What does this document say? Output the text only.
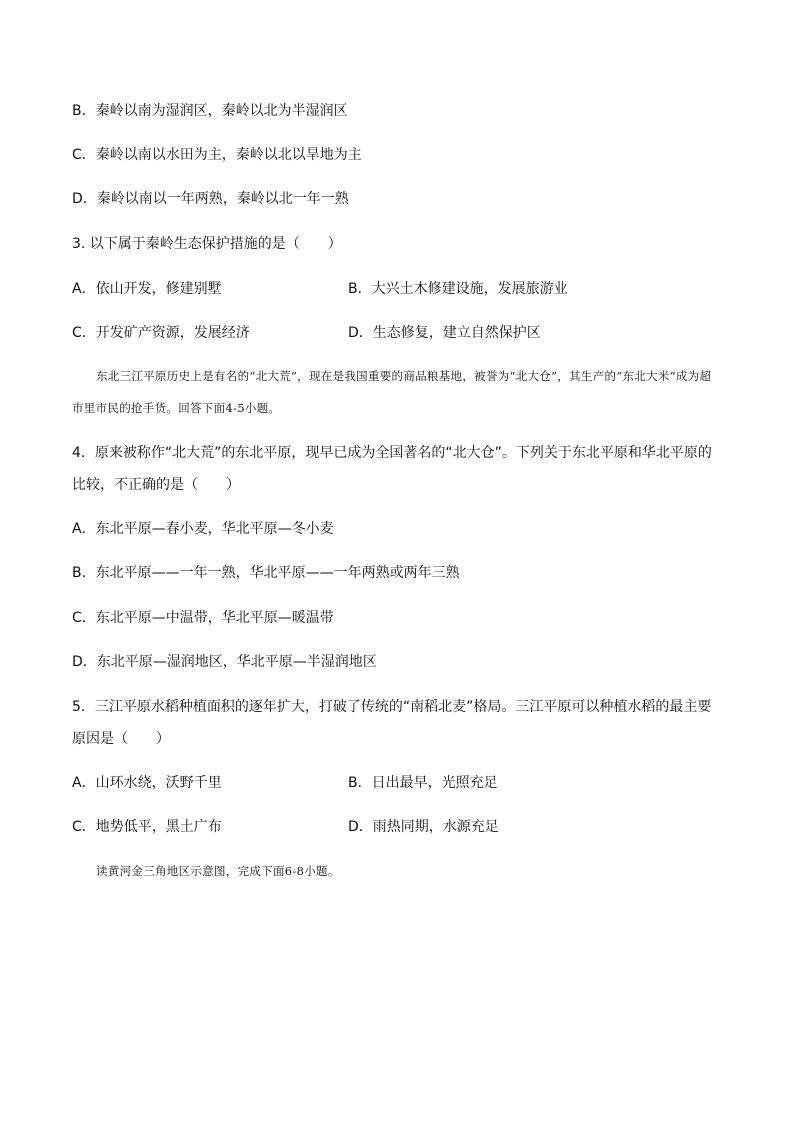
B．秦岭以南为湿润区，秦岭以北为半湿润区
C．秦岭以南以水田为主，秦岭以北以旱地为主
D．秦岭以南以一年两熟，秦岭以北一年一熟
3. 以下属于秦岭生态保护措施的是（　　）
A．依山开发，修建别墅	B．大兴土木修建设施，发展旅游业
C．开发矿产资源，发展经济	D．生态修复，建立自然保护区
东北三江平原历史上是有名的“北大荒”，现在是我国重要的商品粮基地，被誉为“北大仓”，其生产的“东北大米”成为超市里市民的抢手货。回答下面4-5小题。
4．原来被称作“北大荒”的东北平原，现早已成为全国著名的“北大仓”。下列关于东北平原和华北平原的比较，不正确的是（　　）
A．东北平原—春小麦，华北平原—冬小麦
B．东北平原——一年一熟，华北平原——一年两熟或两年三熟
C．东北平原—中温带，华北平原—暖温带
D．东北平原—湿润地区，华北平原—半湿润地区
5．三江平原水稻种植面积的逐年扩大，打破了传统的“南稻北麦”格局。三江平原可以种植水稻的最主要原因是（　　）
A．山环水绕，沃野千里	B．日出最早，光照充足
C．地势低平，黑土广布	D．雨热同期，水源充足
读黄河金三角地区示意图，完成下面6-8小题。
